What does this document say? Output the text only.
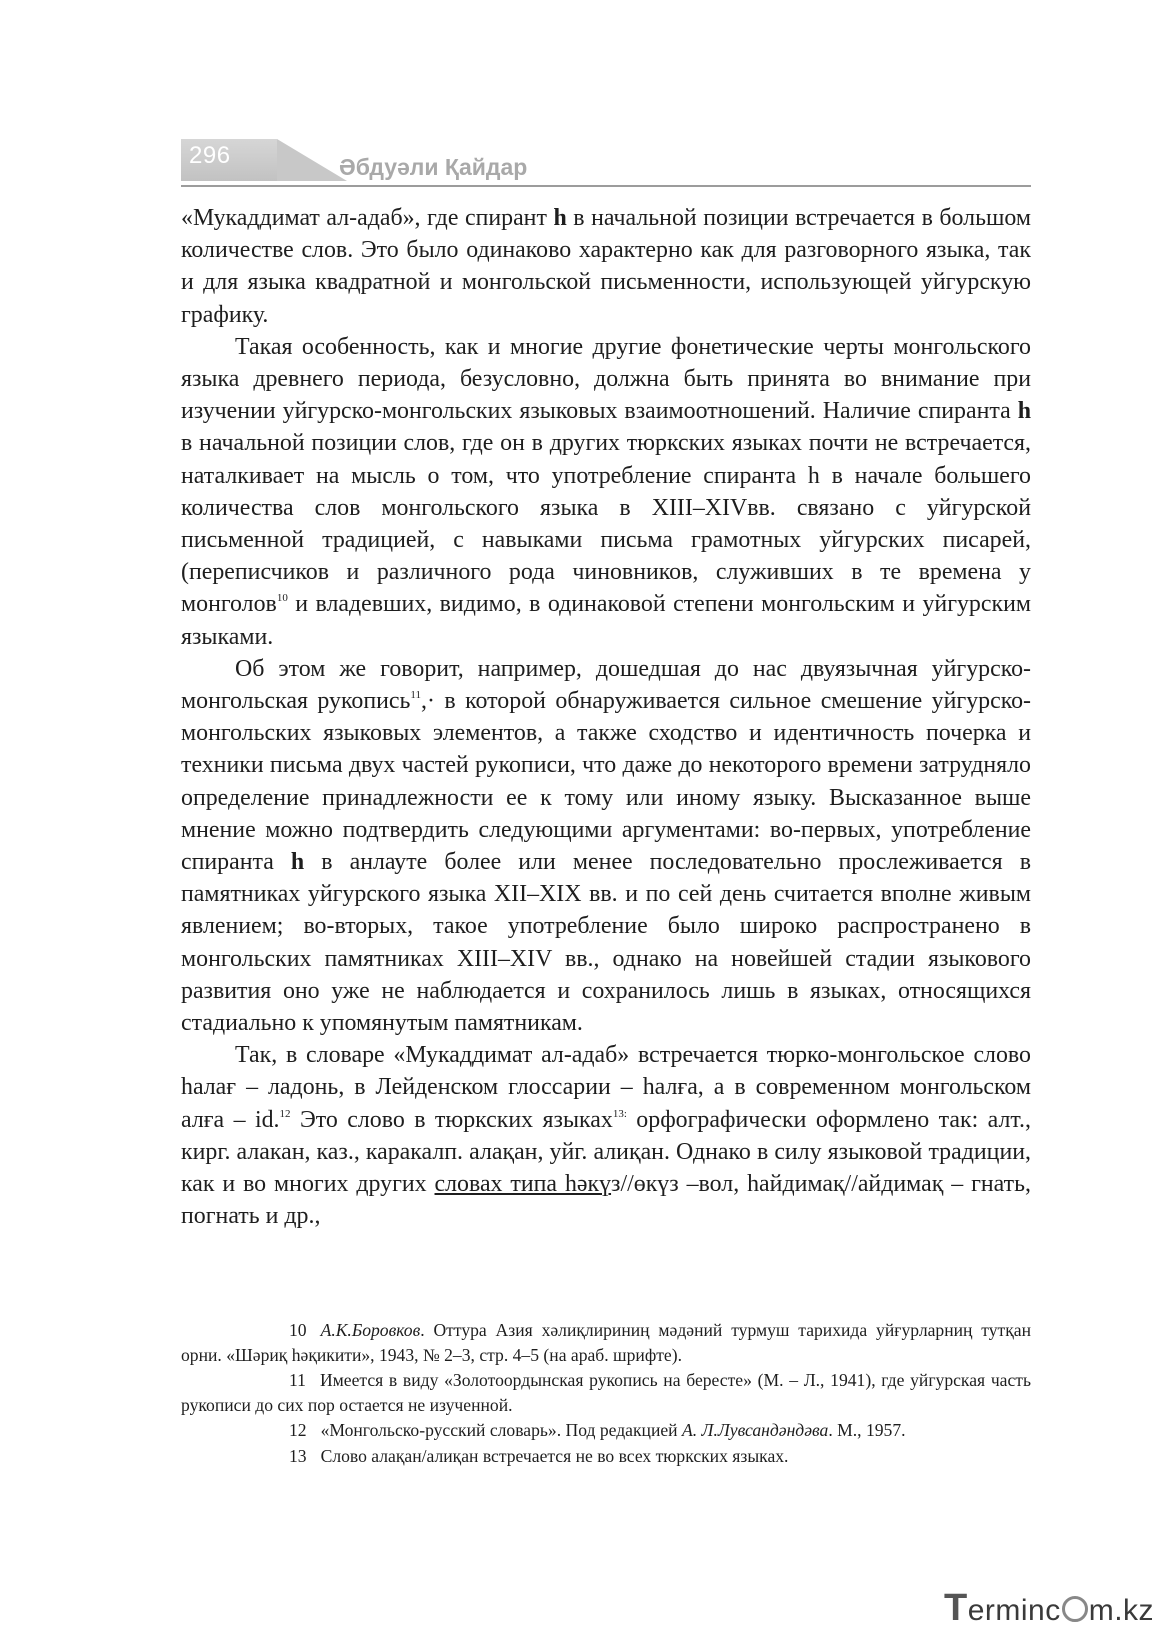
296	Әбдуәли Қайдар

«Мукаддимат ал-адаб», где спирант h в начальной позиции встречается в большом количестве слов. Это было одинаково характерно как для разговорного языка, так и для языка квадратной и монгольской письменности, использующей уйгурскую графику.

Такая особенность, как и многие другие фонетические черты монгольского языка древнего периода, безусловно, должна быть принята во внимание при изучении уйгурско-монгольских языковых взаимоотношений. Наличие спиранта h в начальной позиции слов, где он в других тюркских языках почти не встречается, наталкивает на мысль о том, что употребление спиранта h в начале большего количества слов монгольского языка в XIII–XIVвв. связано с уйгурской письменной традицией, с навыками письма грамотных уйгурских писарей, (переписчиков и различного рода чиновников, служивших в те времена у монголов$^{10}$ и владевших, видимо, в одинаковой степени монгольским и уйгурским языками.

Об этом же говорит, например, дошедшая до нас двуязычная уйгурско-монгольская рукопись$^{11}$,· в которой обнаруживается сильное смешение уйгурско-монгольских языковых элементов, а также сходство и идентичность почерка и техники письма двух частей рукописи, что даже до некоторого времени затрудняло определение принадлежности ее к тому или иному языку. Высказанное выше мнение можно подтвердить следующими аргументами: во-первых, употребление спиранта h в анлауте более или менее последовательно прослеживается в памятниках уйгурского языка XII–XIX вв. и по сей день считается вполне живым явлением; во-вторых, такое употребление было широко распространено в монгольских памятниках XIII–XIV вв., однако на новейшей стадии языкового развития оно уже не наблюдается и сохранилось лишь в языках, относящихся стадиально к упомянутым памятникам.

Так, в словаре «Мукаддимат ал-адаб» встречается тюрко-монгольское слово һалағ – ладонь, в Лейденском глоссарии – һалға, а в современном монгольском алға – id.$^{12}$ Это слово в тюркских языках$^{13:}$ орфографически оформлено так: алт., кирг. алакан, каз., каракалп. алақан, уйг. алиқан. Однако в силу языковой традиции, как и во многих других словах типа һәкүз//өкүз –вол, һайдимақ//айдимақ – гнать, погнать и др.,

10 А.К.Боровков. Оттура Азия хәлиқлириниң мәдәний турмуш тарихида уйғурларниң тутқан орни. «Шәриқ һәқикити», 1943, № 2–3, стр. 4–5 (на араб. шрифте).

11 Имеется в виду «Золотоордынская рукопись на бересте» (М. – Л., 1941), где уйгурская часть рукописи до сих пор остается не изученной.

12 «Монгольско-русский словарь». Под редакцией А. Л.Лувсандәндәва. М., 1957.

13 Слово алақан/алиқан встречается не во всех тюркских языках.

Terminc m.kz
